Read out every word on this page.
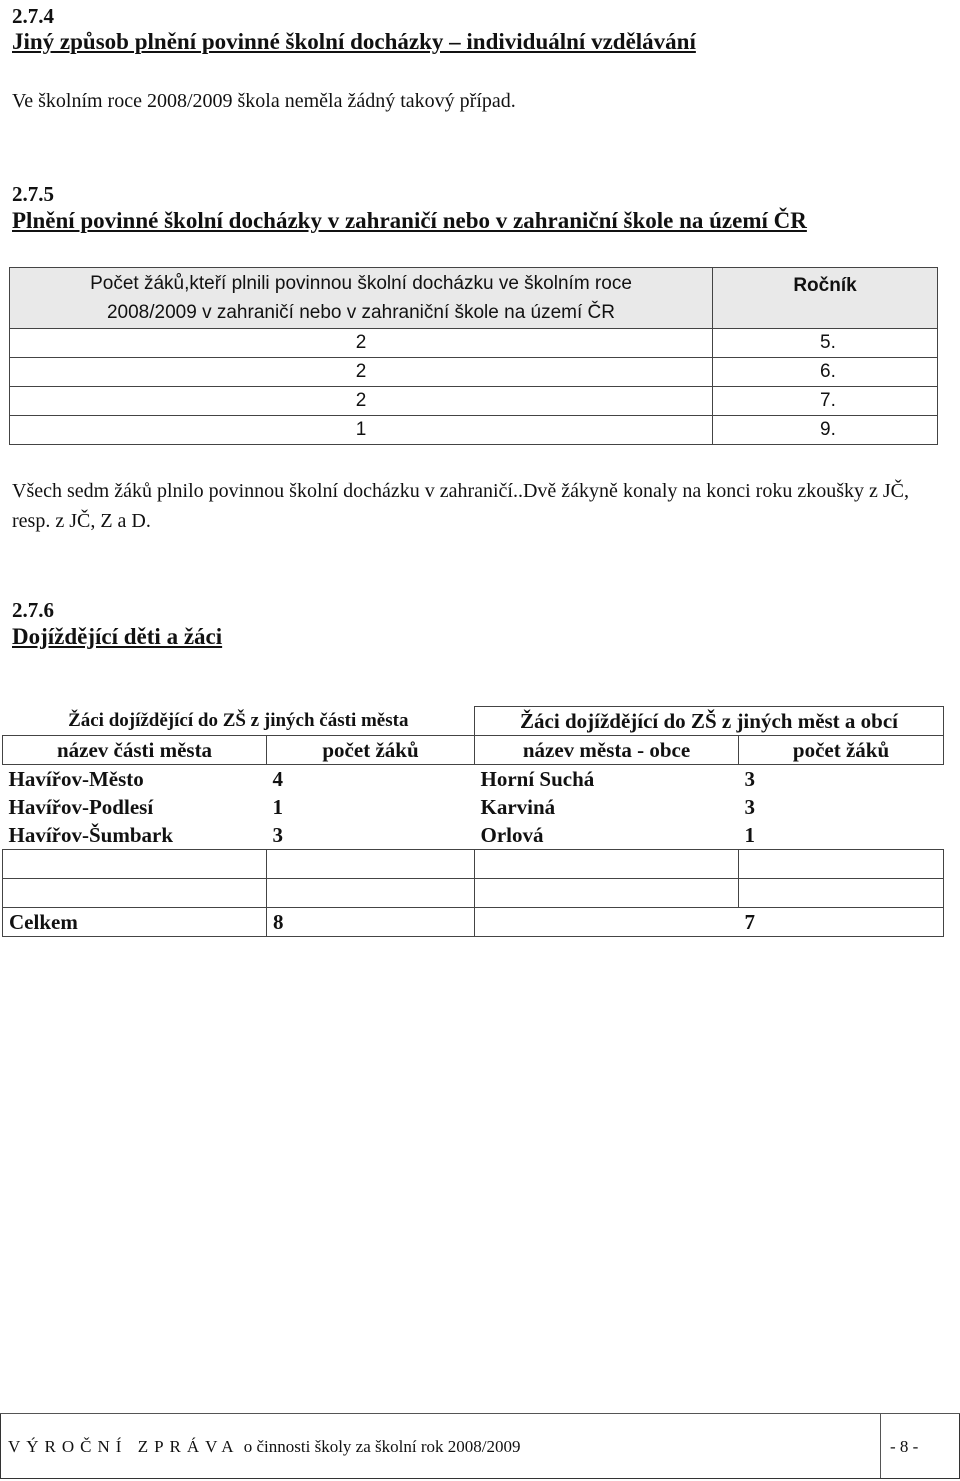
2.7.4
Jiný způsob plnění povinné školní docházky – individuální vzdělávání
Ve školním roce 2008/2009 škola neměla žádný takový případ.
2.7.5
Plnění povinné školní docházky v zahraničí nebo v zahraniční škole na území ČR
Počet žáků,kteří plnili povinnou školní docházku ve školním roce
2008/2009 v zahraničí nebo v zahraniční škole na území ČR	Ročník
2	5.
2	6.
2	7.
1	9.
Všech sedm žáků plnilo povinnou školní docházku v zahraničí..Dvě žákyně konaly na konci roku zkoušky z JČ, resp. z JČ, Z a D.
2.7.6
Dojíždějící děti a žáci
Žáci dojíždějící do ZŠ z jiných části města		Žáci dojíždějící do ZŠ z jiných měst a obcí	
název části města	počet žáků	název města - obce	počet žáků
Havířov-Město	4	Horní Suchá	3
Havířov-Podlesí	1	Karviná	3
Havířov-Šumbark	3	Orlová	1

Celkem	8		7
VÝROČNÍ ZPRÁVA o činnosti školy za školní rok 2008/2009	- 8 -
